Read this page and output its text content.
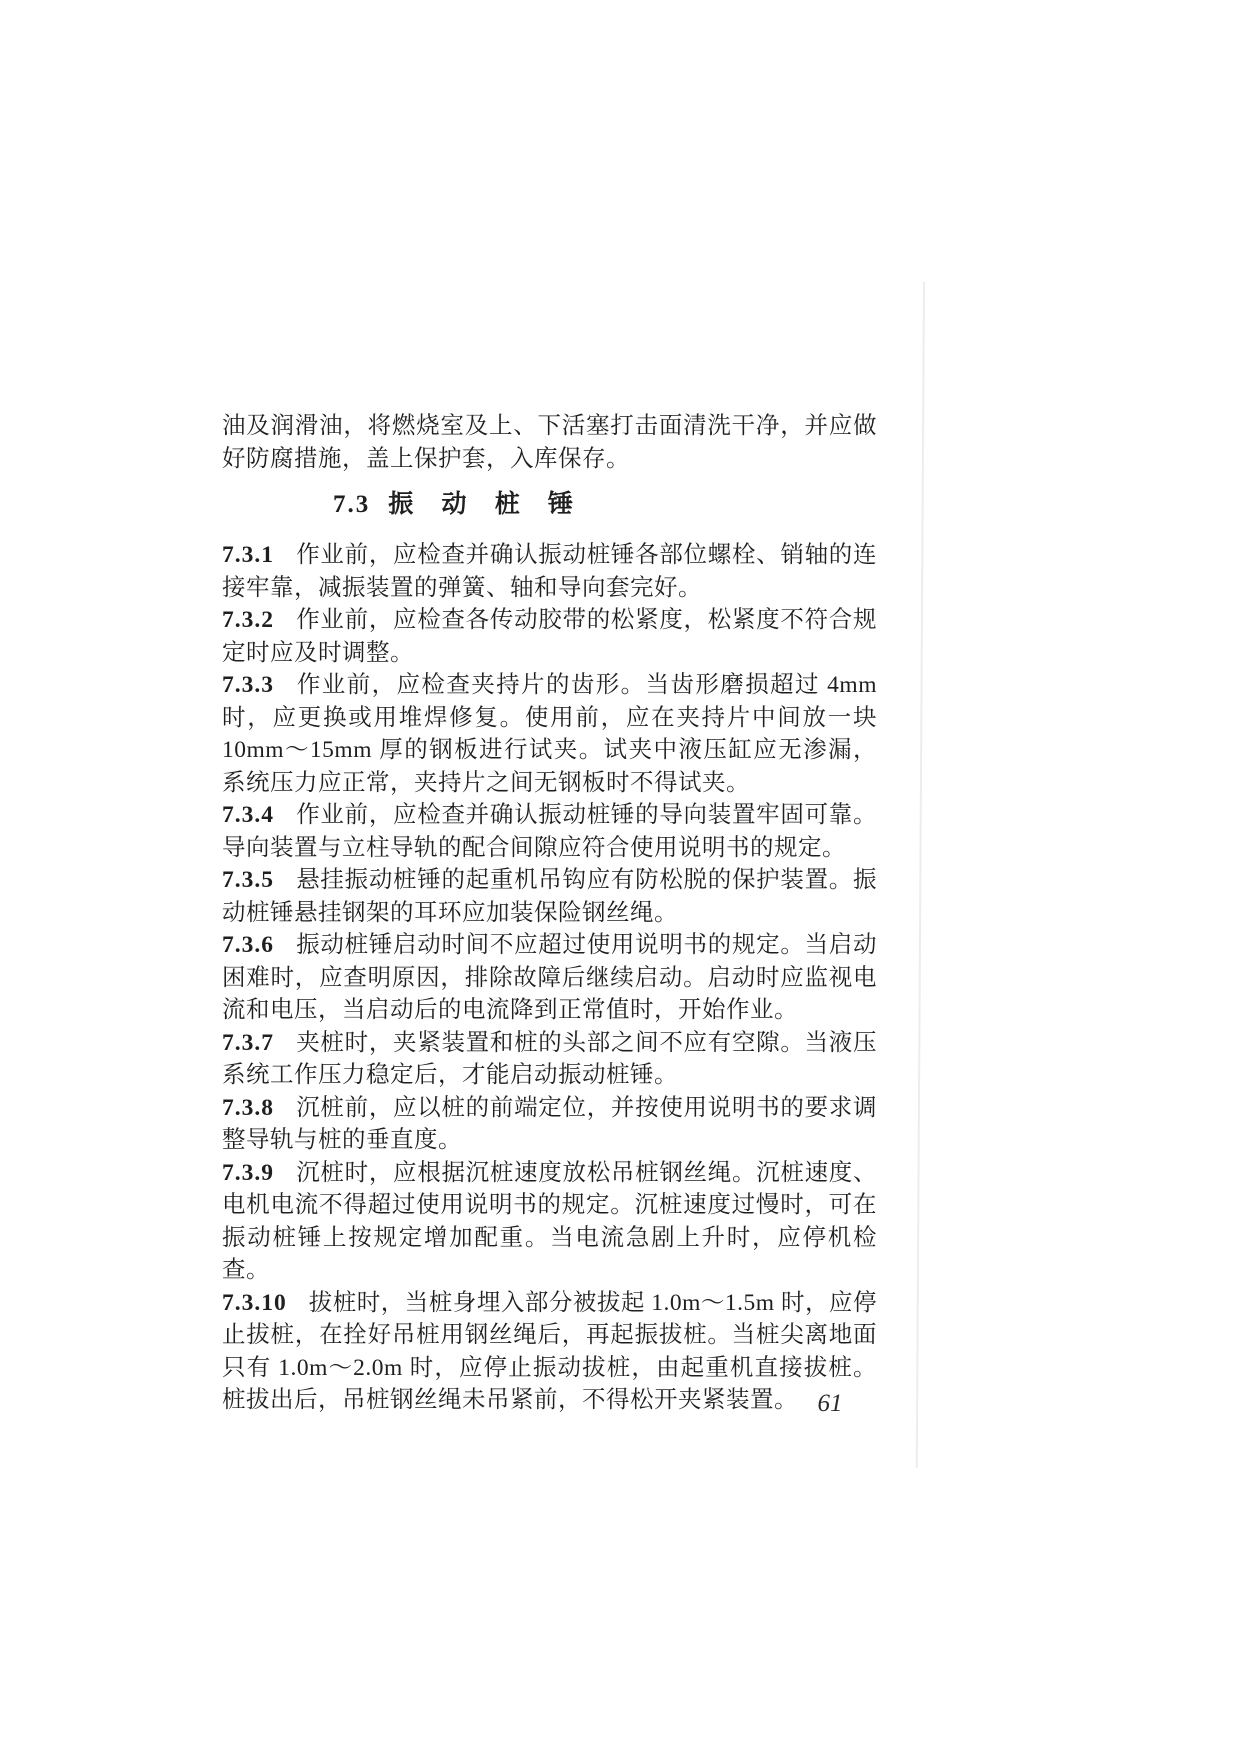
油及润滑油，将燃烧室及上、下活塞打击面清洗干净，并应做好防腐措施，盖上保护套，入库保存。

7.3 振 动 桩 锤

7.3.1 作业前，应检查并确认振动桩锤各部位螺栓、销轴的连接牢靠，减振装置的弹簧、轴和导向套完好。

7.3.2 作业前，应检查各传动胶带的松紧度，松紧度不符合规定时应及时调整。

7.3.3 作业前，应检查夹持片的齿形。当齿形磨损超过 4mm 时，应更换或用堆焊修复。使用前，应在夹持片中间放一块 10mm～15mm 厚的钢板进行试夹。试夹中液压缸应无渗漏，系统压力应正常，夹持片之间无钢板时不得试夹。

7.3.4 作业前，应检查并确认振动桩锤的导向装置牢固可靠。导向装置与立柱导轨的配合间隙应符合使用说明书的规定。

7.3.5 悬挂振动桩锤的起重机吊钩应有防松脱的保护装置。振动桩锤悬挂钢架的耳环应加装保险钢丝绳。

7.3.6 振动桩锤启动时间不应超过使用说明书的规定。当启动困难时，应查明原因，排除故障后继续启动。启动时应监视电流和电压，当启动后的电流降到正常值时，开始作业。

7.3.7 夹桩时，夹紧装置和桩的头部之间不应有空隙。当液压系统工作压力稳定后，才能启动振动桩锤。

7.3.8 沉桩前，应以桩的前端定位，并按使用说明书的要求调整导轨与桩的垂直度。

7.3.9 沉桩时，应根据沉桩速度放松吊桩钢丝绳。沉桩速度、电机电流不得超过使用说明书的规定。沉桩速度过慢时，可在振动桩锤上按规定增加配重。当电流急剧上升时，应停机检查。

7.3.10 拔桩时，当桩身埋入部分被拔起 1.0m～1.5m 时，应停止拔桩，在拴好吊桩用钢丝绳后，再起振拔桩。当桩尖离地面只有 1.0m～2.0m 时，应停止振动拔桩，由起重机直接拔桩。桩拔出后，吊桩钢丝绳未吊紧前，不得松开夹紧装置。 61
